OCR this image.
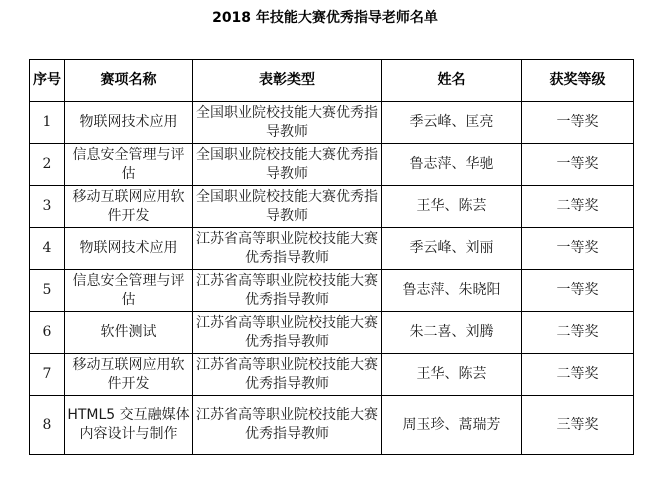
2018 年技能大赛优秀指导老师名单
序号	赛项名称	表彰类型	姓名	获奖等级
1	物联网技术应用	全国职业院校技能大赛优秀指导教师	季云峰、匡亮	一等奖
2	信息安全管理与评估	全国职业院校技能大赛优秀指导教师	鲁志萍、华驰	一等奖
3	移动互联网应用软件开发	全国职业院校技能大赛优秀指导教师	王华、陈芸	二等奖
4	物联网技术应用	江苏省高等职业院校技能大赛优秀指导教师	季云峰、刘丽	一等奖
5	信息安全管理与评估	江苏省高等职业院校技能大赛优秀指导教师	鲁志萍、朱晓阳	一等奖
6	软件测试	江苏省高等职业院校技能大赛优秀指导教师	朱二喜、刘腾	二等奖
7	移动互联网应用软件开发	江苏省高等职业院校技能大赛优秀指导教师	王华、陈芸	二等奖
8	HTML5 交互融媒体内容设计与制作	江苏省高等职业院校技能大赛优秀指导教师	周玉珍、蒿瑞芳	三等奖
